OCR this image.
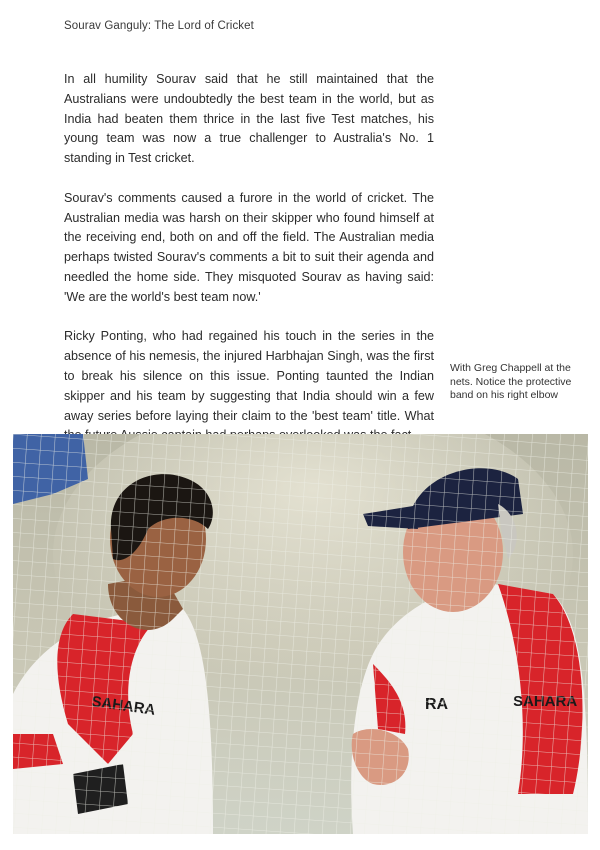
Sourav Ganguly: The Lord of Cricket

In all humility Sourav said that he still maintained that the Australians were undoubtedly the best team in the world, but as India had beaten them thrice in the last five Test matches, his young team was now a true challenger to Australia's No. 1 standing in Test cricket.

Sourav's comments caused a furore in the world of cricket. The Australian media was harsh on their skipper who found himself at the receiving end, both on and off the field. The Australian media perhaps twisted Sourav's comments a bit to suit their agenda and needled the home side. They misquoted Sourav as having said: 'We are the world's best team now.'

Ricky Ponting, who had regained his touch in the series in the absence of his nemesis, the injured Harbhajan Singh, was the first to break his silence on this issue. Ponting taunted the Indian skipper and his team by suggesting that India should win a few away series before laying their claim to the 'best team' title. What

With Greg Chappell at the nets. Notice the protective band on his right elbow
